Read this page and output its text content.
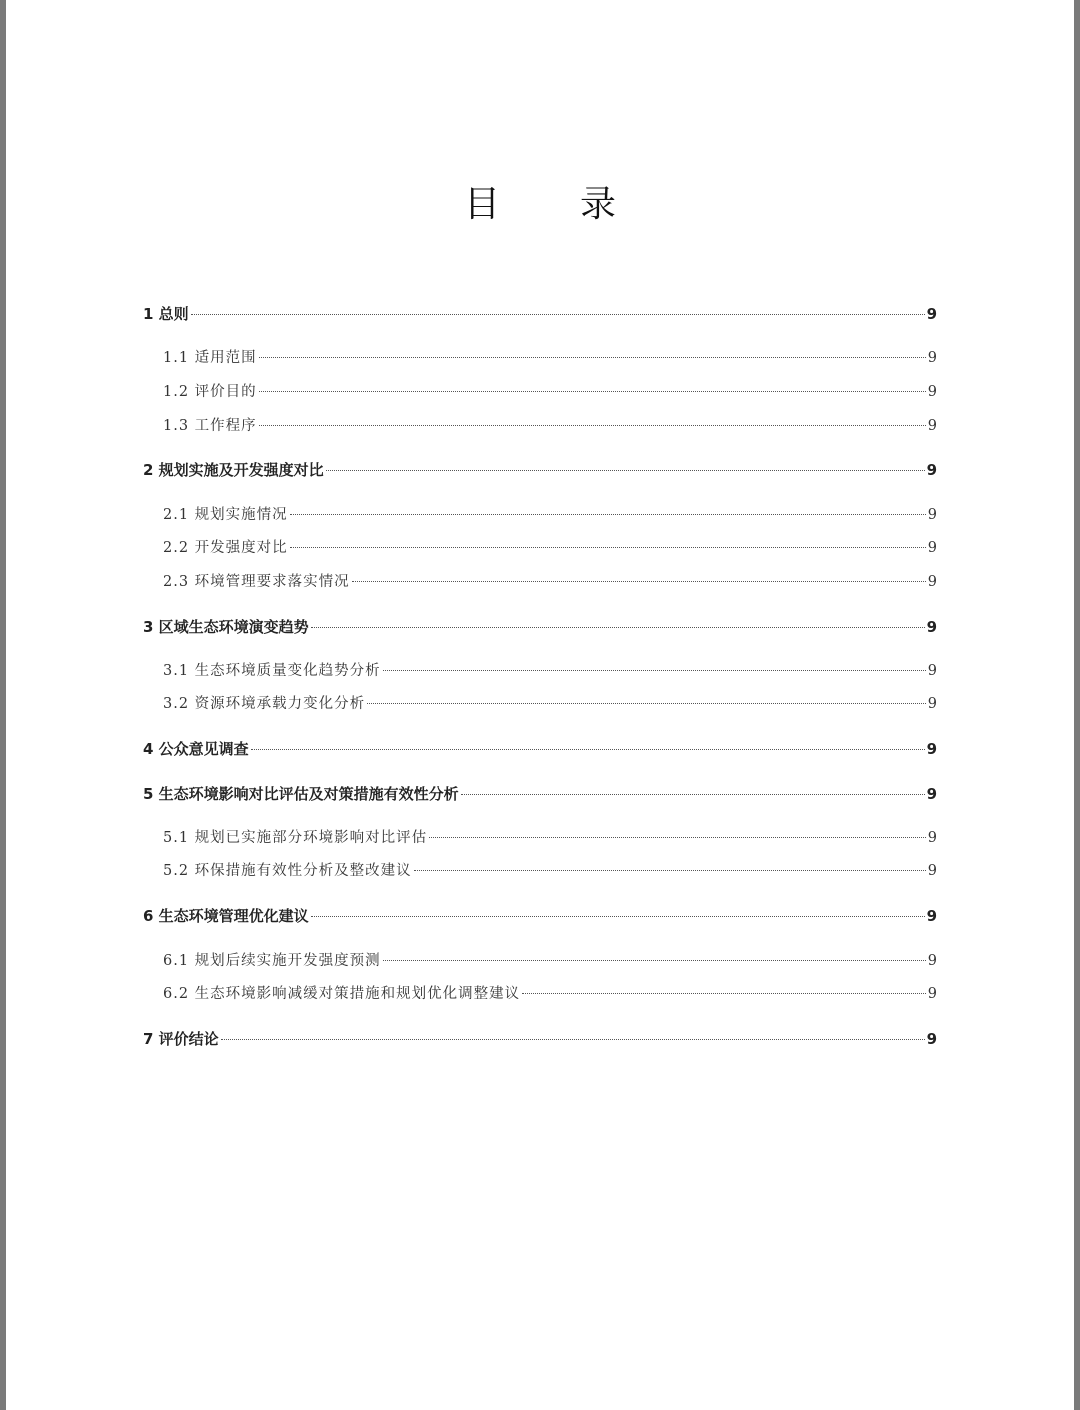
目 录
1 总则	9
1.1 适用范围	9
1.2 评价目的	9
1.3 工作程序	9
2 规划实施及开发强度对比	9
2.1 规划实施情况	9
2.2 开发强度对比	9
2.3 环境管理要求落实情况	9
3 区域生态环境演变趋势	9
3.1 生态环境质量变化趋势分析	9
3.2 资源环境承载力变化分析	9
4 公众意见调查	9
5 生态环境影响对比评估及对策措施有效性分析	9
5.1 规划已实施部分环境影响对比评估	9
5.2 环保措施有效性分析及整改建议	9
6 生态环境管理优化建议	9
6.1 规划后续实施开发强度预测	9
6.2 生态环境影响减缓对策措施和规划优化调整建议	9
7 评价结论	9
